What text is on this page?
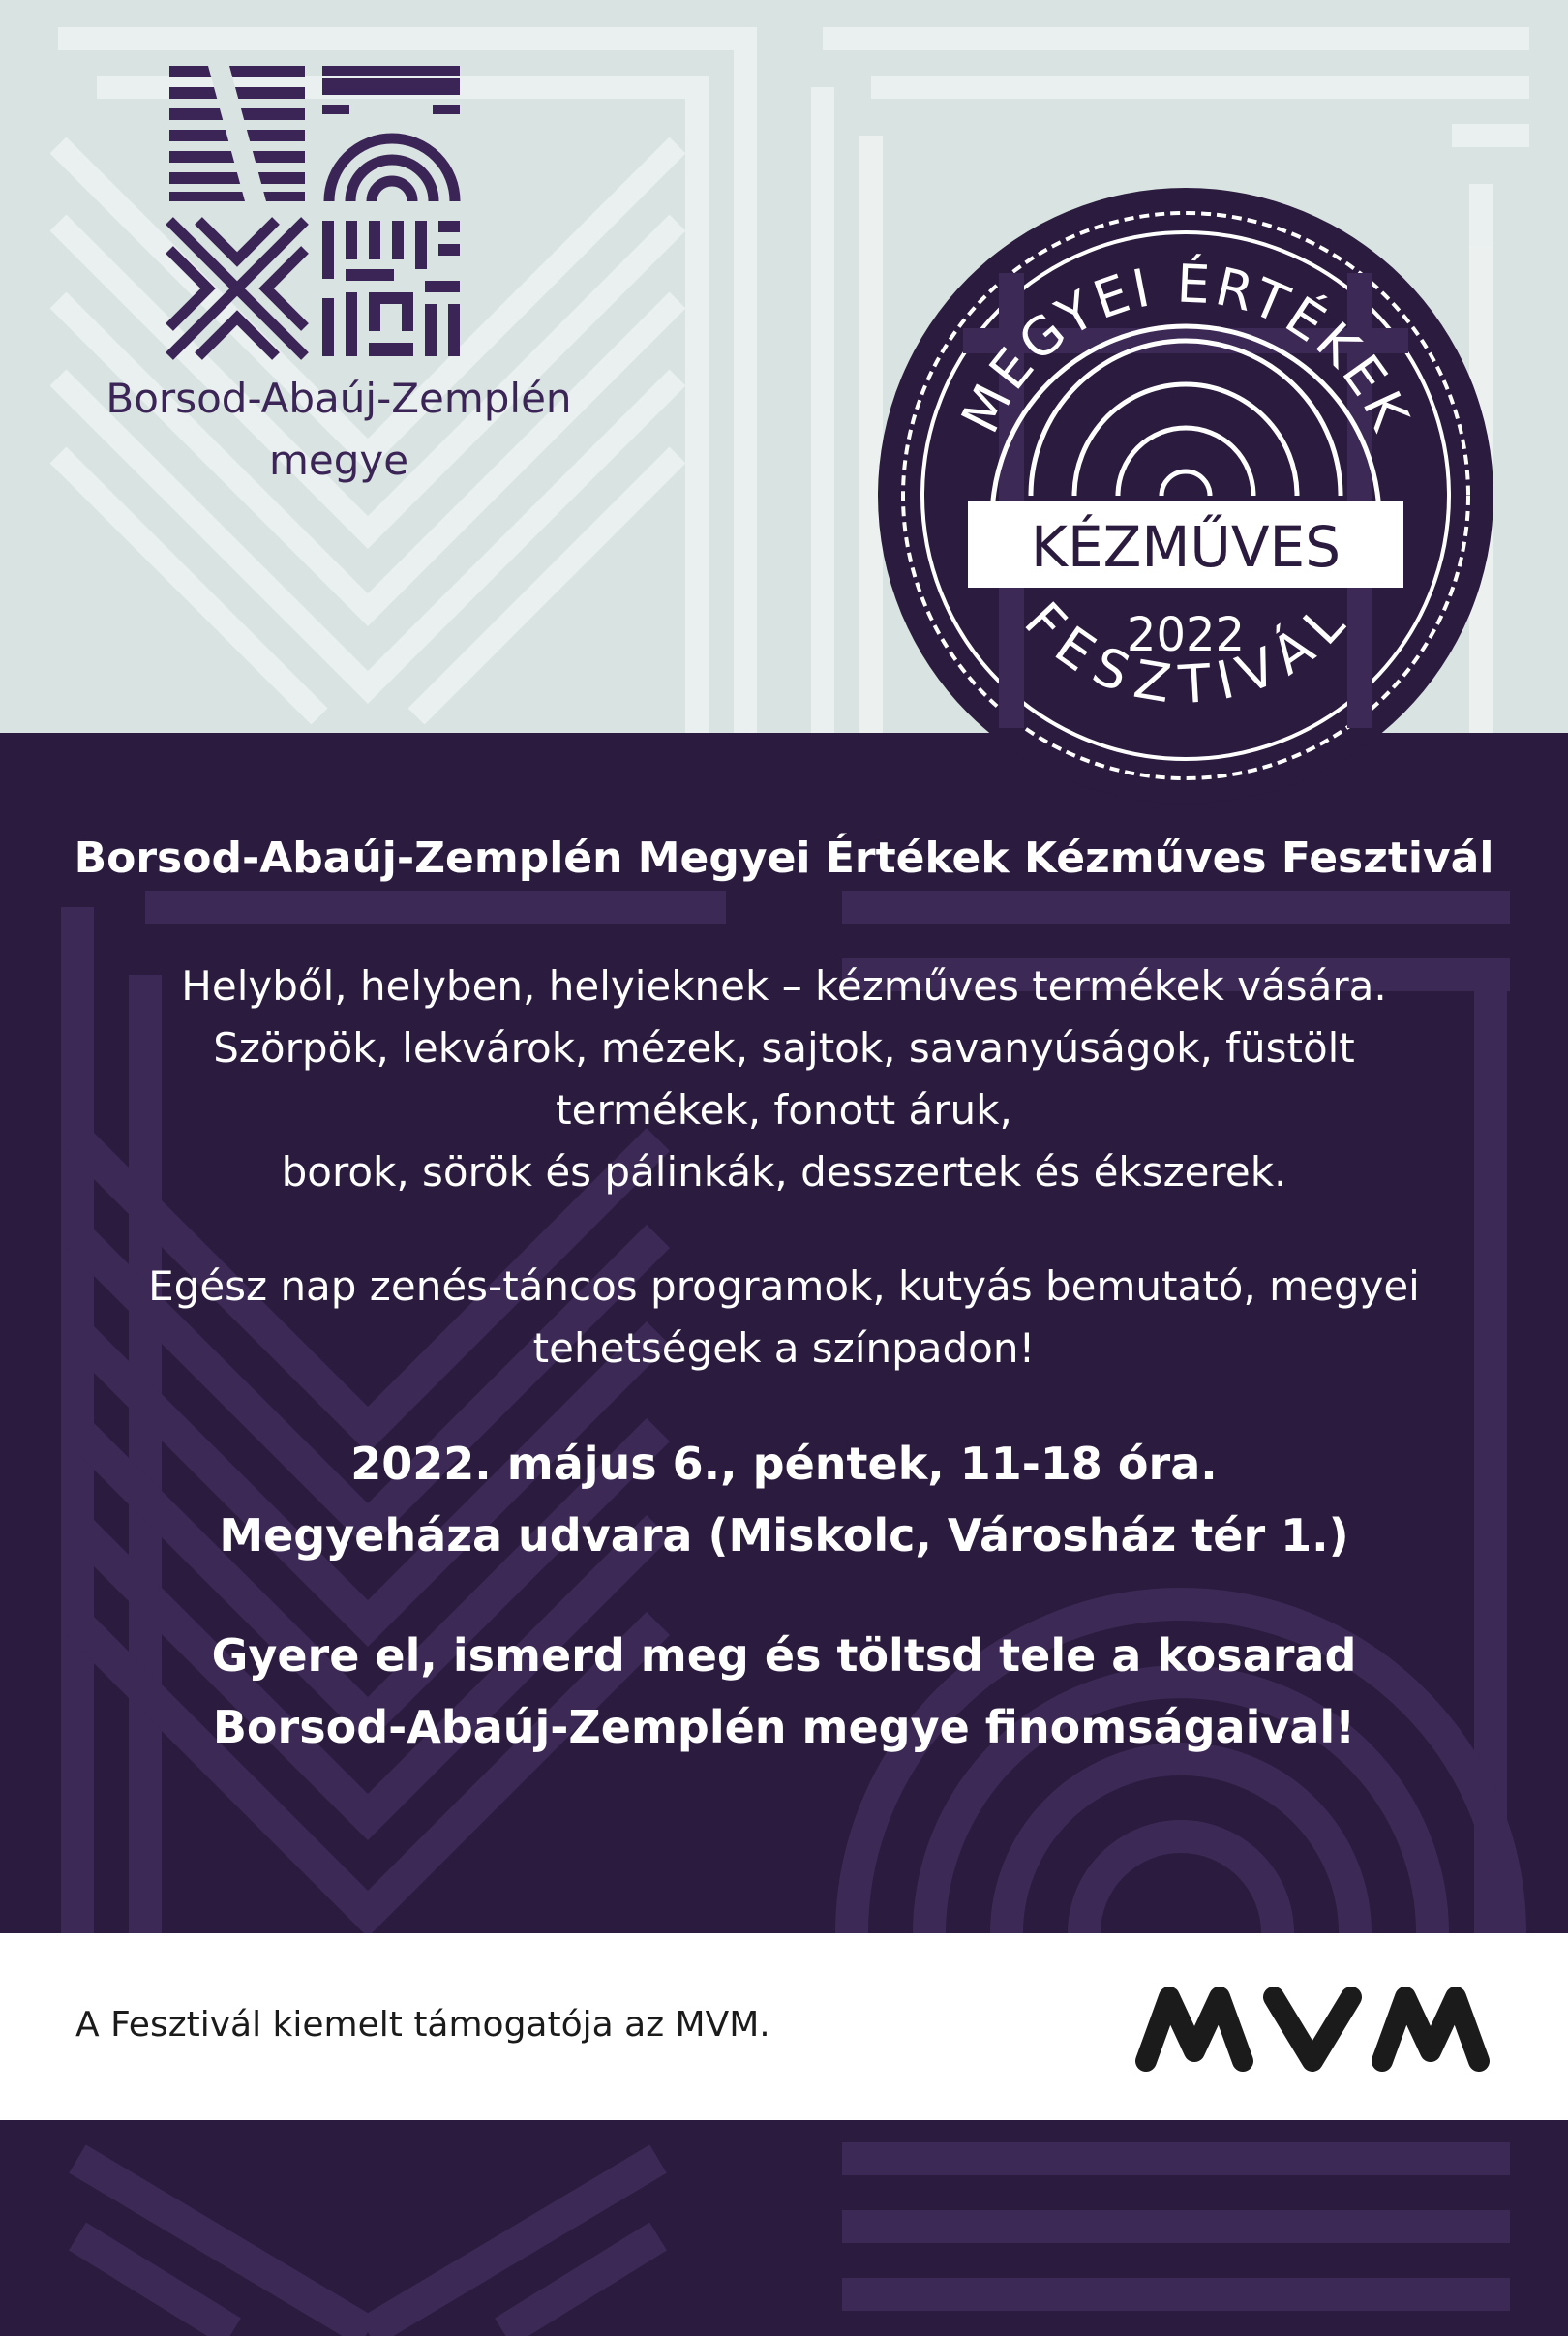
Borsod-Abaúj-Zemplén
megye
KÉZMŰVES
2022
MEGYEI ÉRTÉKEK
FESZTIVÁL
Borsod-Abaúj-Zemplén Megyei Értékek Kézműves Fesztivál

Helyből, helyben, helyieknek – kézműves termékek vására.

Szörpök, lekvárok, mézek, sajtok, savanyúságok, füstölt

termékek, fonott áruk,

borok, sörök és pálinkák, desszertek és ékszerek.

Egész nap zenés-táncos programok, kutyás bemutató, megyei

tehetségek a színpadon!

2022. május 6., péntek, 11-18 óra.

Megyeháza udvara (Miskolc, Városház tér 1.)

Gyere el, ismerd meg és töltsd tele a kosarad

Borsod-Abaúj-Zemplén megye finomságaival!

A Fesztivál kiemelt támogatója az MVM.
MVM
